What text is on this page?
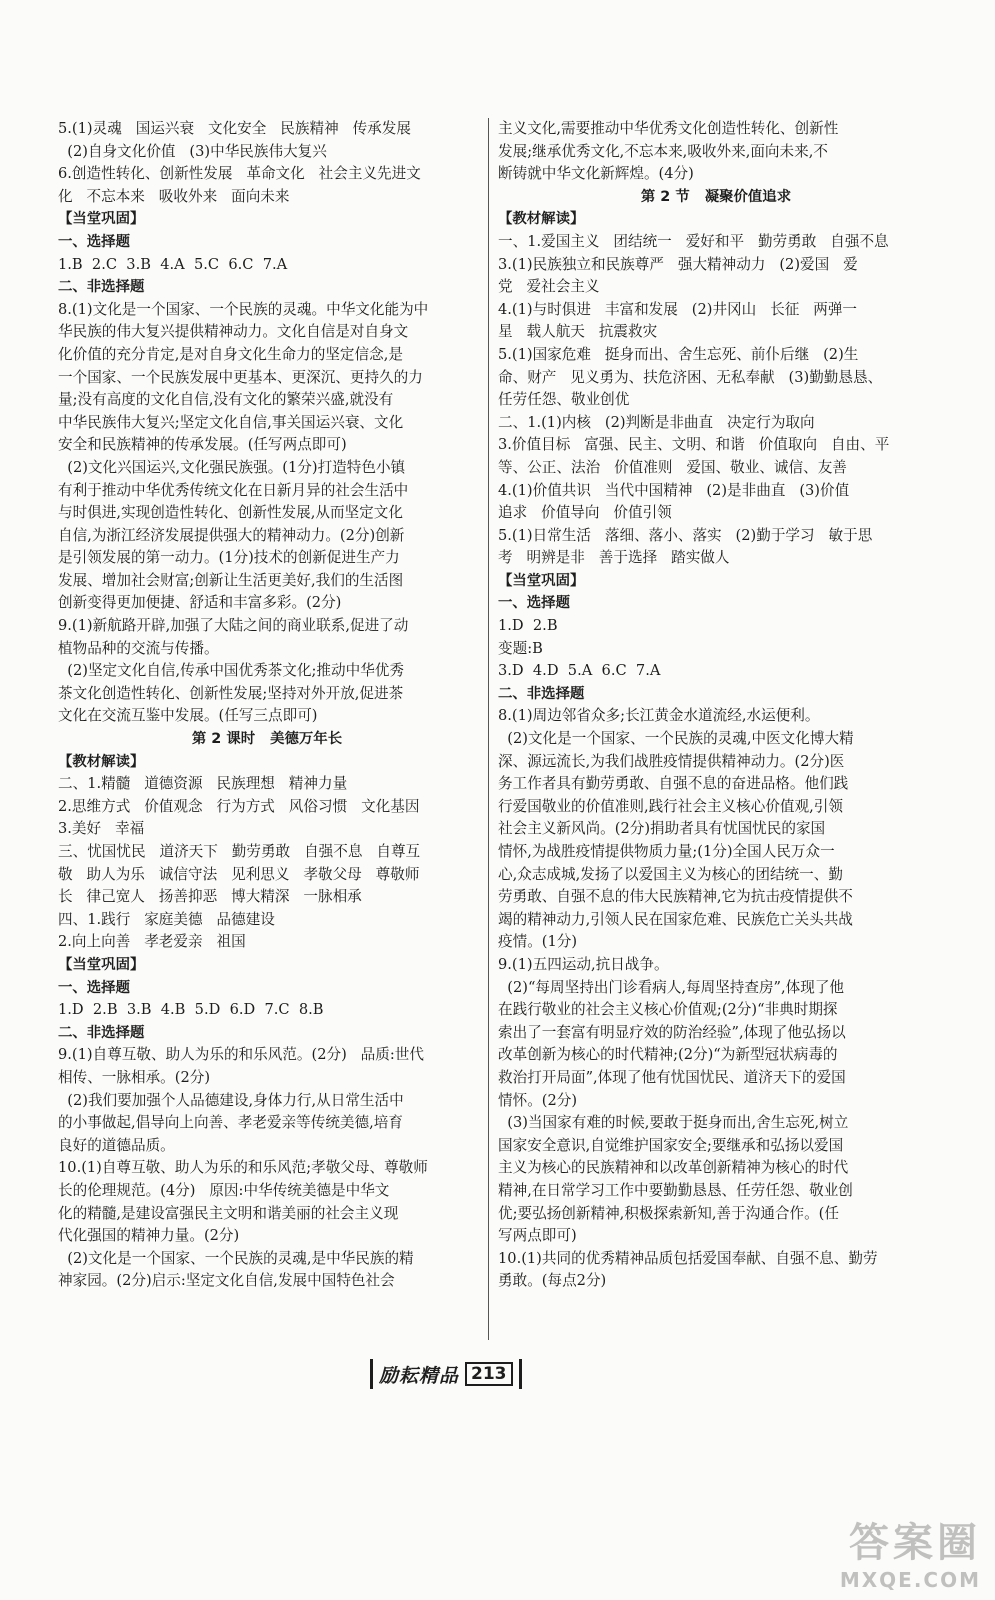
5.(1)灵魂   国运兴衰   文化安全   民族精神   传承发展
(2)自身文化价值   (3)中华民族伟大复兴
6.创造性转化、创新性发展   革命文化   社会主义先进文
化   不忘本来   吸收外来   面向未来
【当堂巩固】
一、选择题
1.B  2.C  3.B  4.A  5.C  6.C  7.A
二、非选择题
8.(1)文化是一个国家、一个民族的灵魂。中华文化能为中
华民族的伟大复兴提供精神动力。文化自信是对自身文
化价值的充分肯定,是对自身文化生命力的坚定信念,是
一个国家、一个民族发展中更基本、更深沉、更持久的力
量;没有高度的文化自信,没有文化的繁荣兴盛,就没有
中华民族伟大复兴;坚定文化自信,事关国运兴衰、文化
安全和民族精神的传承发展。(任写两点即可)
(2)文化兴国运兴,文化强民族强。(1分)打造特色小镇
有利于推动中华优秀传统文化在日新月异的社会生活中
与时俱进,实现创造性转化、创新性发展,从而坚定文化
自信,为浙江经济发展提供强大的精神动力。(2分)创新
是引领发展的第一动力。(1分)技术的创新促进生产力
发展、增加社会财富;创新让生活更美好,我们的生活图
创新变得更加便捷、舒适和丰富多彩。(2分)
9.(1)新航路开辟,加强了大陆之间的商业联系,促进了动
植物品种的交流与传播。
(2)坚定文化自信,传承中国优秀茶文化;推动中华优秀
茶文化创造性转化、创新性发展;坚持对外开放,促进茶
文化在交流互鉴中发展。(任写三点即可)
第 2 课时   美德万年长
【教材解读】
二、1.精髓   道德资源   民族理想   精神力量
2.思维方式   价值观念   行为方式   风俗习惯   文化基因
3.美好   幸福
三、忧国忧民   道济天下   勤劳勇敢   自强不息   自尊互
敬   助人为乐   诚信守法   见利思义   孝敬父母   尊敬师
长   律己宽人   扬善抑恶   博大精深   一脉相承
四、1.践行   家庭美德   品德建设
2.向上向善   孝老爱亲   祖国
【当堂巩固】
一、选择题
1.D  2.B  3.B  4.B  5.D  6.D  7.C  8.B
二、非选择题
9.(1)自尊互敬、助人为乐的和乐风范。(2分)   品质:世代
相传、一脉相承。(2分)
(2)我们要加强个人品德建设,身体力行,从日常生活中
的小事做起,倡导向上向善、孝老爱亲等传统美德,培育
良好的道德品质。
10.(1)自尊互敬、助人为乐的和乐风范;孝敬父母、尊敬师
长的伦理规范。(4分)   原因:中华传统美德是中华文
化的精髓,是建设富强民主文明和谐美丽的社会主义现
代化强国的精神力量。(2分)
(2)文化是一个国家、一个民族的灵魂,是中华民族的精
神家园。(2分)启示:坚定文化自信,发展中国特色社会
主义文化,需要推动中华优秀文化创造性转化、创新性
发展;继承优秀文化,不忘本来,吸收外来,面向未来,不
断铸就中华文化新辉煌。(4分)
第 2 节   凝聚价值追求
【教材解读】
一、1.爱国主义   团结统一   爱好和平   勤劳勇敢   自强不息
3.(1)民族独立和民族尊严   强大精神动力   (2)爱国   爱
党   爱社会主义
4.(1)与时俱进   丰富和发展   (2)井冈山   长征   两弹一
星   载人航天   抗震救灾
5.(1)国家危难   挺身而出、舍生忘死、前仆后继   (2)生
命、财产   见义勇为、扶危济困、无私奉献   (3)勤勤恳恳、
任劳任怨、敬业创优
二、1.(1)内核   (2)判断是非曲直   决定行为取向
3.价值目标   富强、民主、文明、和谐   价值取向   自由、平
等、公正、法治   价值准则   爱国、敬业、诚信、友善
4.(1)价值共识   当代中国精神   (2)是非曲直   (3)价值
追求   价值导向   价值引领
5.(1)日常生活   落细、落小、落实   (2)勤于学习   敏于思
考   明辨是非   善于选择   踏实做人
【当堂巩固】
一、选择题
1.D  2.B
变题:B
3.D  4.D  5.A  6.C  7.A
二、非选择题
8.(1)周边邻省众多;长江黄金水道流经,水运便利。
(2)文化是一个国家、一个民族的灵魂,中医文化博大精
深、源远流长,为我们战胜疫情提供精神动力。(2分)医
务工作者具有勤劳勇敢、自强不息的奋进品格。他们践
行爱国敬业的价值准则,践行社会主义核心价值观,引领
社会主义新风尚。(2分)捐助者具有忧国忧民的家国
情怀,为战胜疫情提供物质力量;(1分)全国人民万众一
心,众志成城,发扬了以爱国主义为核心的团结统一、勤
劳勇敢、自强不息的伟大民族精神,它为抗击疫情提供不
竭的精神动力,引领人民在国家危难、民族危亡关头共战
疫情。(1分)
9.(1)五四运动,抗日战争。
(2)“每周坚持出门诊看病人,每周坚持查房”,体现了他
在践行敬业的社会主义核心价值观;(2分)“非典时期探
索出了一套富有明显疗效的防治经验”,体现了他弘扬以
改革创新为核心的时代精神;(2分)“为新型冠状病毒的
救治打开局面”,体现了他有忧国忧民、道济天下的爱国
情怀。(2分)
(3)当国家有难的时候,要敢于挺身而出,舍生忘死,树立
国家安全意识,自觉维护国家安全;要继承和弘扬以爱国
主义为核心的民族精神和以改革创新精神为核心的时代
精神,在日常学习工作中要勤勤恳恳、任劳任怨、敬业创
优;要弘扬创新精神,积极探索新知,善于沟通合作。(任
写两点即可)
10.(1)共同的优秀精神品质包括爱国奉献、自强不息、勤劳
勇敢。(每点2分)
励耘精品 213
答案圈
MXQE.COM
